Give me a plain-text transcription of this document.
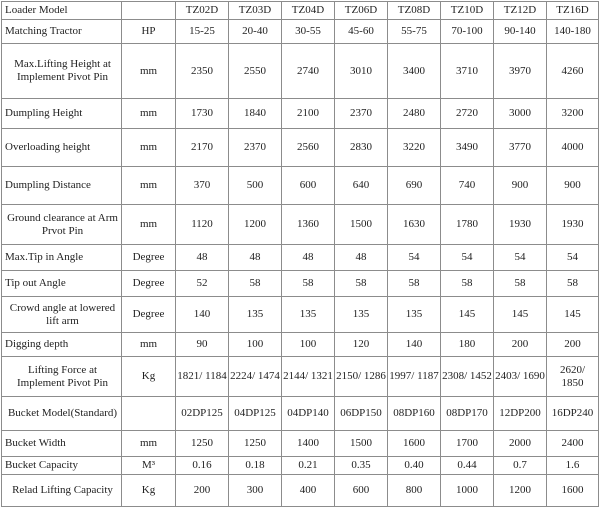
Loader Model		TZ02D	TZ03D	TZ04D	TZ06D	TZ08D	TZ10D	TZ12D	TZ16D
Matching Tractor	HP	15-25	20-40	30-55	45-60	55-75	70-100	90-140	140-180
Max.Lifting Height at Implement Pivot Pin	mm	2350	2550	2740	3010	3400	3710	3970	4260
Dumpling Height	mm	1730	1840	2100	2370	2480	2720	3000	3200
Overloading height	mm	2170	2370	2560	2830	3220	3490	3770	4000
Dumpling Distance	mm	370	500	600	640	690	740	900	900
Ground clearance at Arm Prvot Pin	mm	1120	1200	1360	1500	1630	1780	1930	1930
Max.Tip in Angle	Degree	48	48	48	48	54	54	54	54
Tip out Angle	Degree	52	58	58	58	58	58	58	58
Crowd angle at lowered lift arm	Degree	140	135	135	135	135	145	145	145
Digging depth	mm	90	100	100	120	140	180	200	200
Lifting Force at Implement Pivot Pin	Kg	1821/ 1184	2224/ 1474	2144/ 1321	2150/ 1286	1997/ 1187	2308/ 1452	2403/ 1690	2620/ 1850
Bucket Model(Standard)		02DP125	04DP125	04DP140	06DP150	08DP160	08DP170	12DP200	16DP240
Bucket Width	mm	1250	1250	1400	1500	1600	1700	2000	2400
Bucket Capacity	M³	0.16	0.18	0.21	0.35	0.40	0.44	0.7	1.6
Relad Lifting Capacity	Kg	200	300	400	600	800	1000	1200	1600
